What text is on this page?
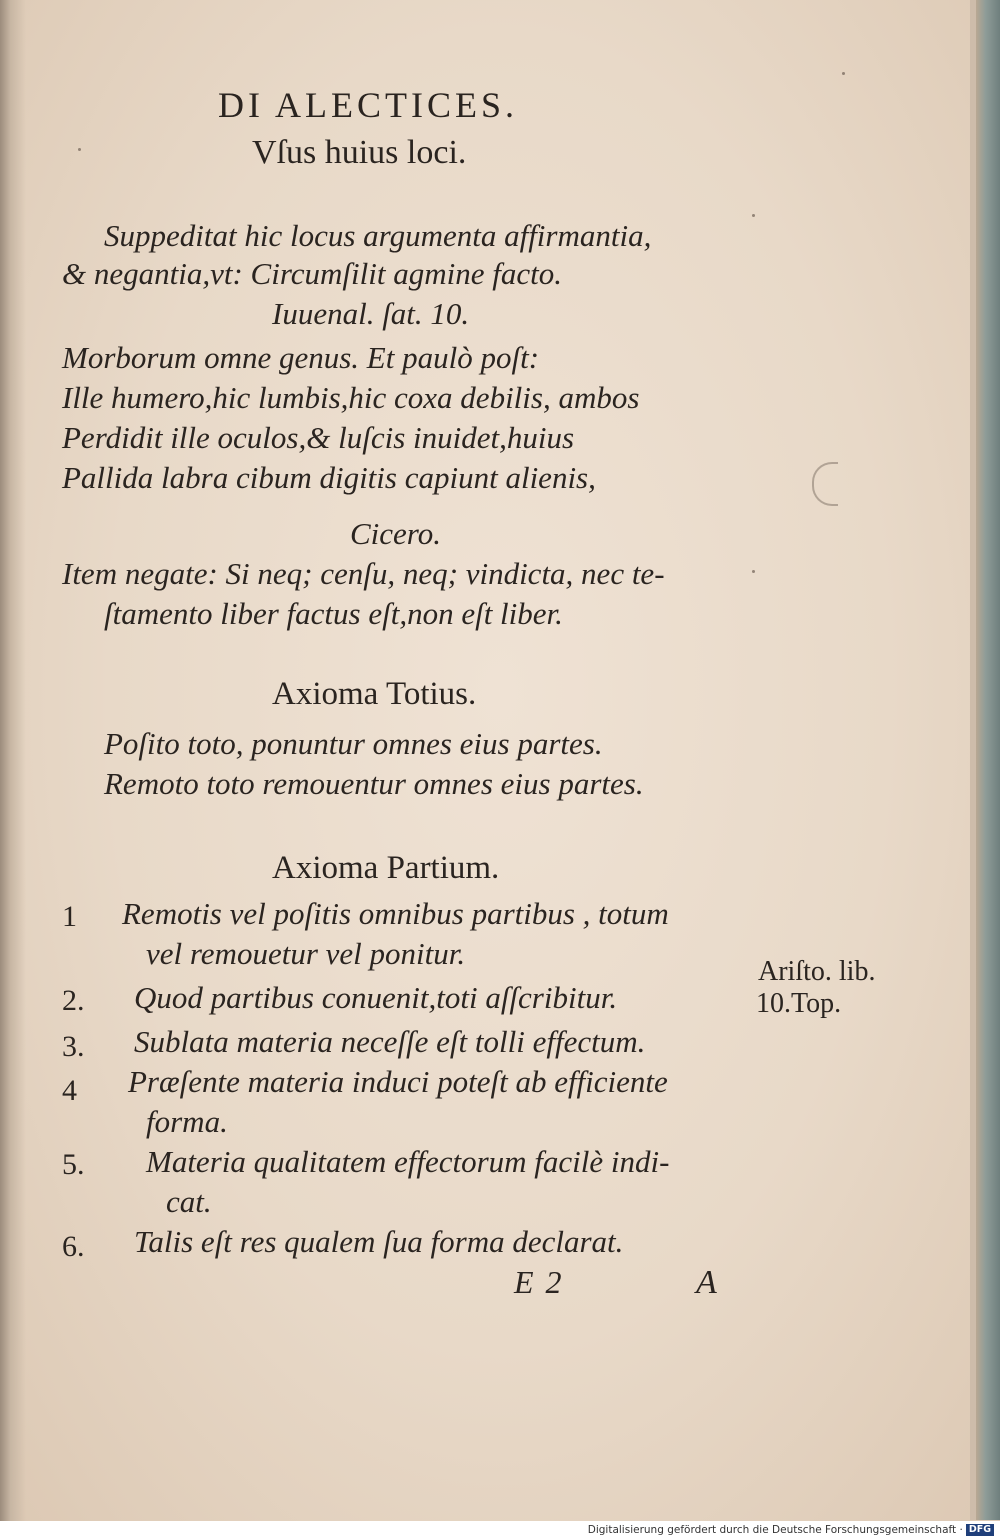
DI ALECTICES.
Vſus huius loci.
Suppeditat hic locus argumenta affirmantia,
& negantia,vt: Circumſilit agmine facto.
Iuuenal. ſat. 10.
Morborum omne genus. Et paulò poſt:
Ille humero,hic lumbis,hic coxa debilis, ambos
Perdidit ille oculos,& luſcis inuidet,huius
Pallida labra cibum digitis capiunt alienis,
Cicero.
Item negate: Si neq; cenſu, neq; vindicta, nec te-
ſtamento liber factus eſt,non eſt liber.
Axioma Totius.
Poſito toto, ponuntur omnes eius partes.
Remoto toto remouentur omnes eius partes.
Axioma Partium.
1
2.
3.
4
5.
6.
Remotis vel poſitis omnibus partibus , totum
vel remouetur vel ponitur.
Quod partibus conuenit,toti aſſcribitur.
Sublata materia neceſſe eſt tolli effectum.
Præſente materia induci poteſt ab efficiente
forma.
Materia qualitatem effectorum facilè indi-
cat.
Talis eſt res qualem ſua forma declarat.
Ariſto. lib.
10.Top.
E 2	A
Digitalisierung gefördert durch die Deutsche Forschungsgemeinschaft · DFG
